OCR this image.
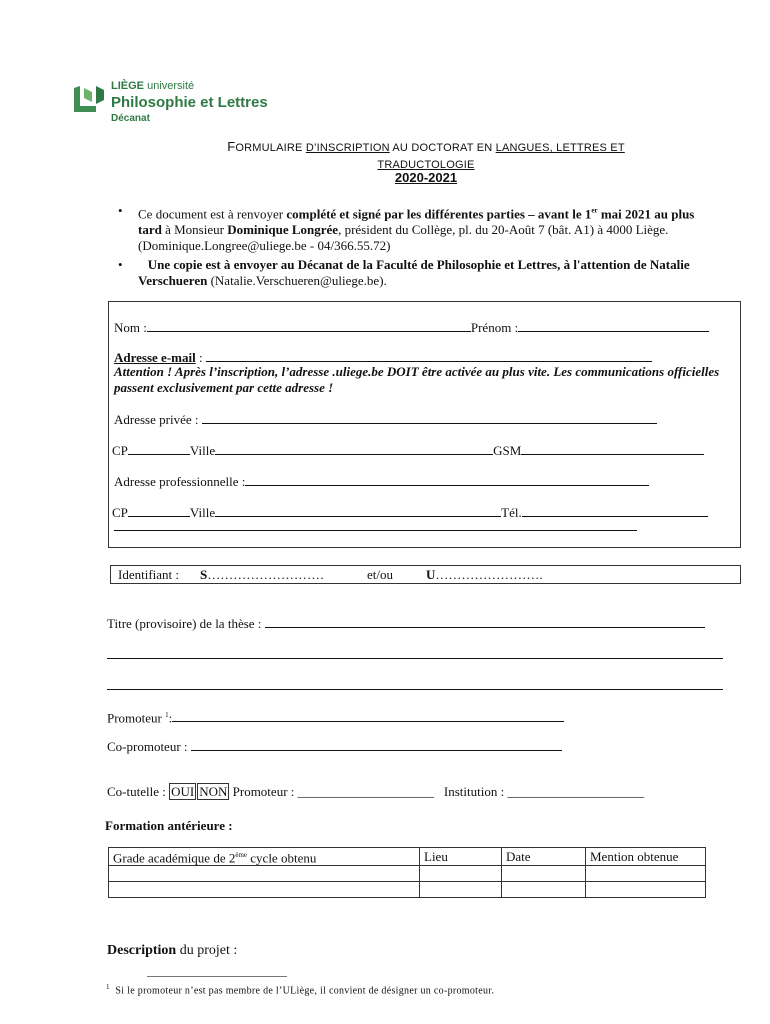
LIÈGE université
Philosophie et Lettres
Décanat
FORMULAIRE D’INSCRIPTION AU DOCTORAT EN LANGUES, LETTRES ET
TRADUCTOLOGIE
2020-2021
• Ce document est à renvoyer complété et signé par les différentes parties – avant le 1er mai 2021 au plus tard à Monsieur Dominique Longrée, président du Collège, pl. du 20-Août 7 (bât. A1) à 4000 Liège. (Dominique.Longree@uliege.be - 04/366.55.72)
•	Une copie est à envoyer au Décanat de la Faculté de Philosophie et Lettres, à l'attention de Natalie Verschueren (Natalie.Verschueren@uliege.be).
Nom :	Prénom :
Adresse e-mail :
Attention ! Après l’inscription, l’adresse .uliege.be DOIT être activée au plus vite. Les communications officielles passent exclusivement par cette adresse !
Adresse privée :
CP	Ville	GSM
Adresse professionnelle :
CP	Ville	Tél.
Identifiant : S………………………	et/ou	U…………………….
Titre (provisoire) de la thèse :
Promoteur $^1$:
Co-promoteur :
Co-tutelle : OUI NON Promoteur : _____________________ Institution : _____________________
Formation antérieure :
Grade académique de 2ème cycle obtenu	Lieu	Date	Mention obtenue

Description du projet :
$^1$ Si le promoteur n’est pas membre de l’ULiège, il convient de désigner un co-promoteur.
